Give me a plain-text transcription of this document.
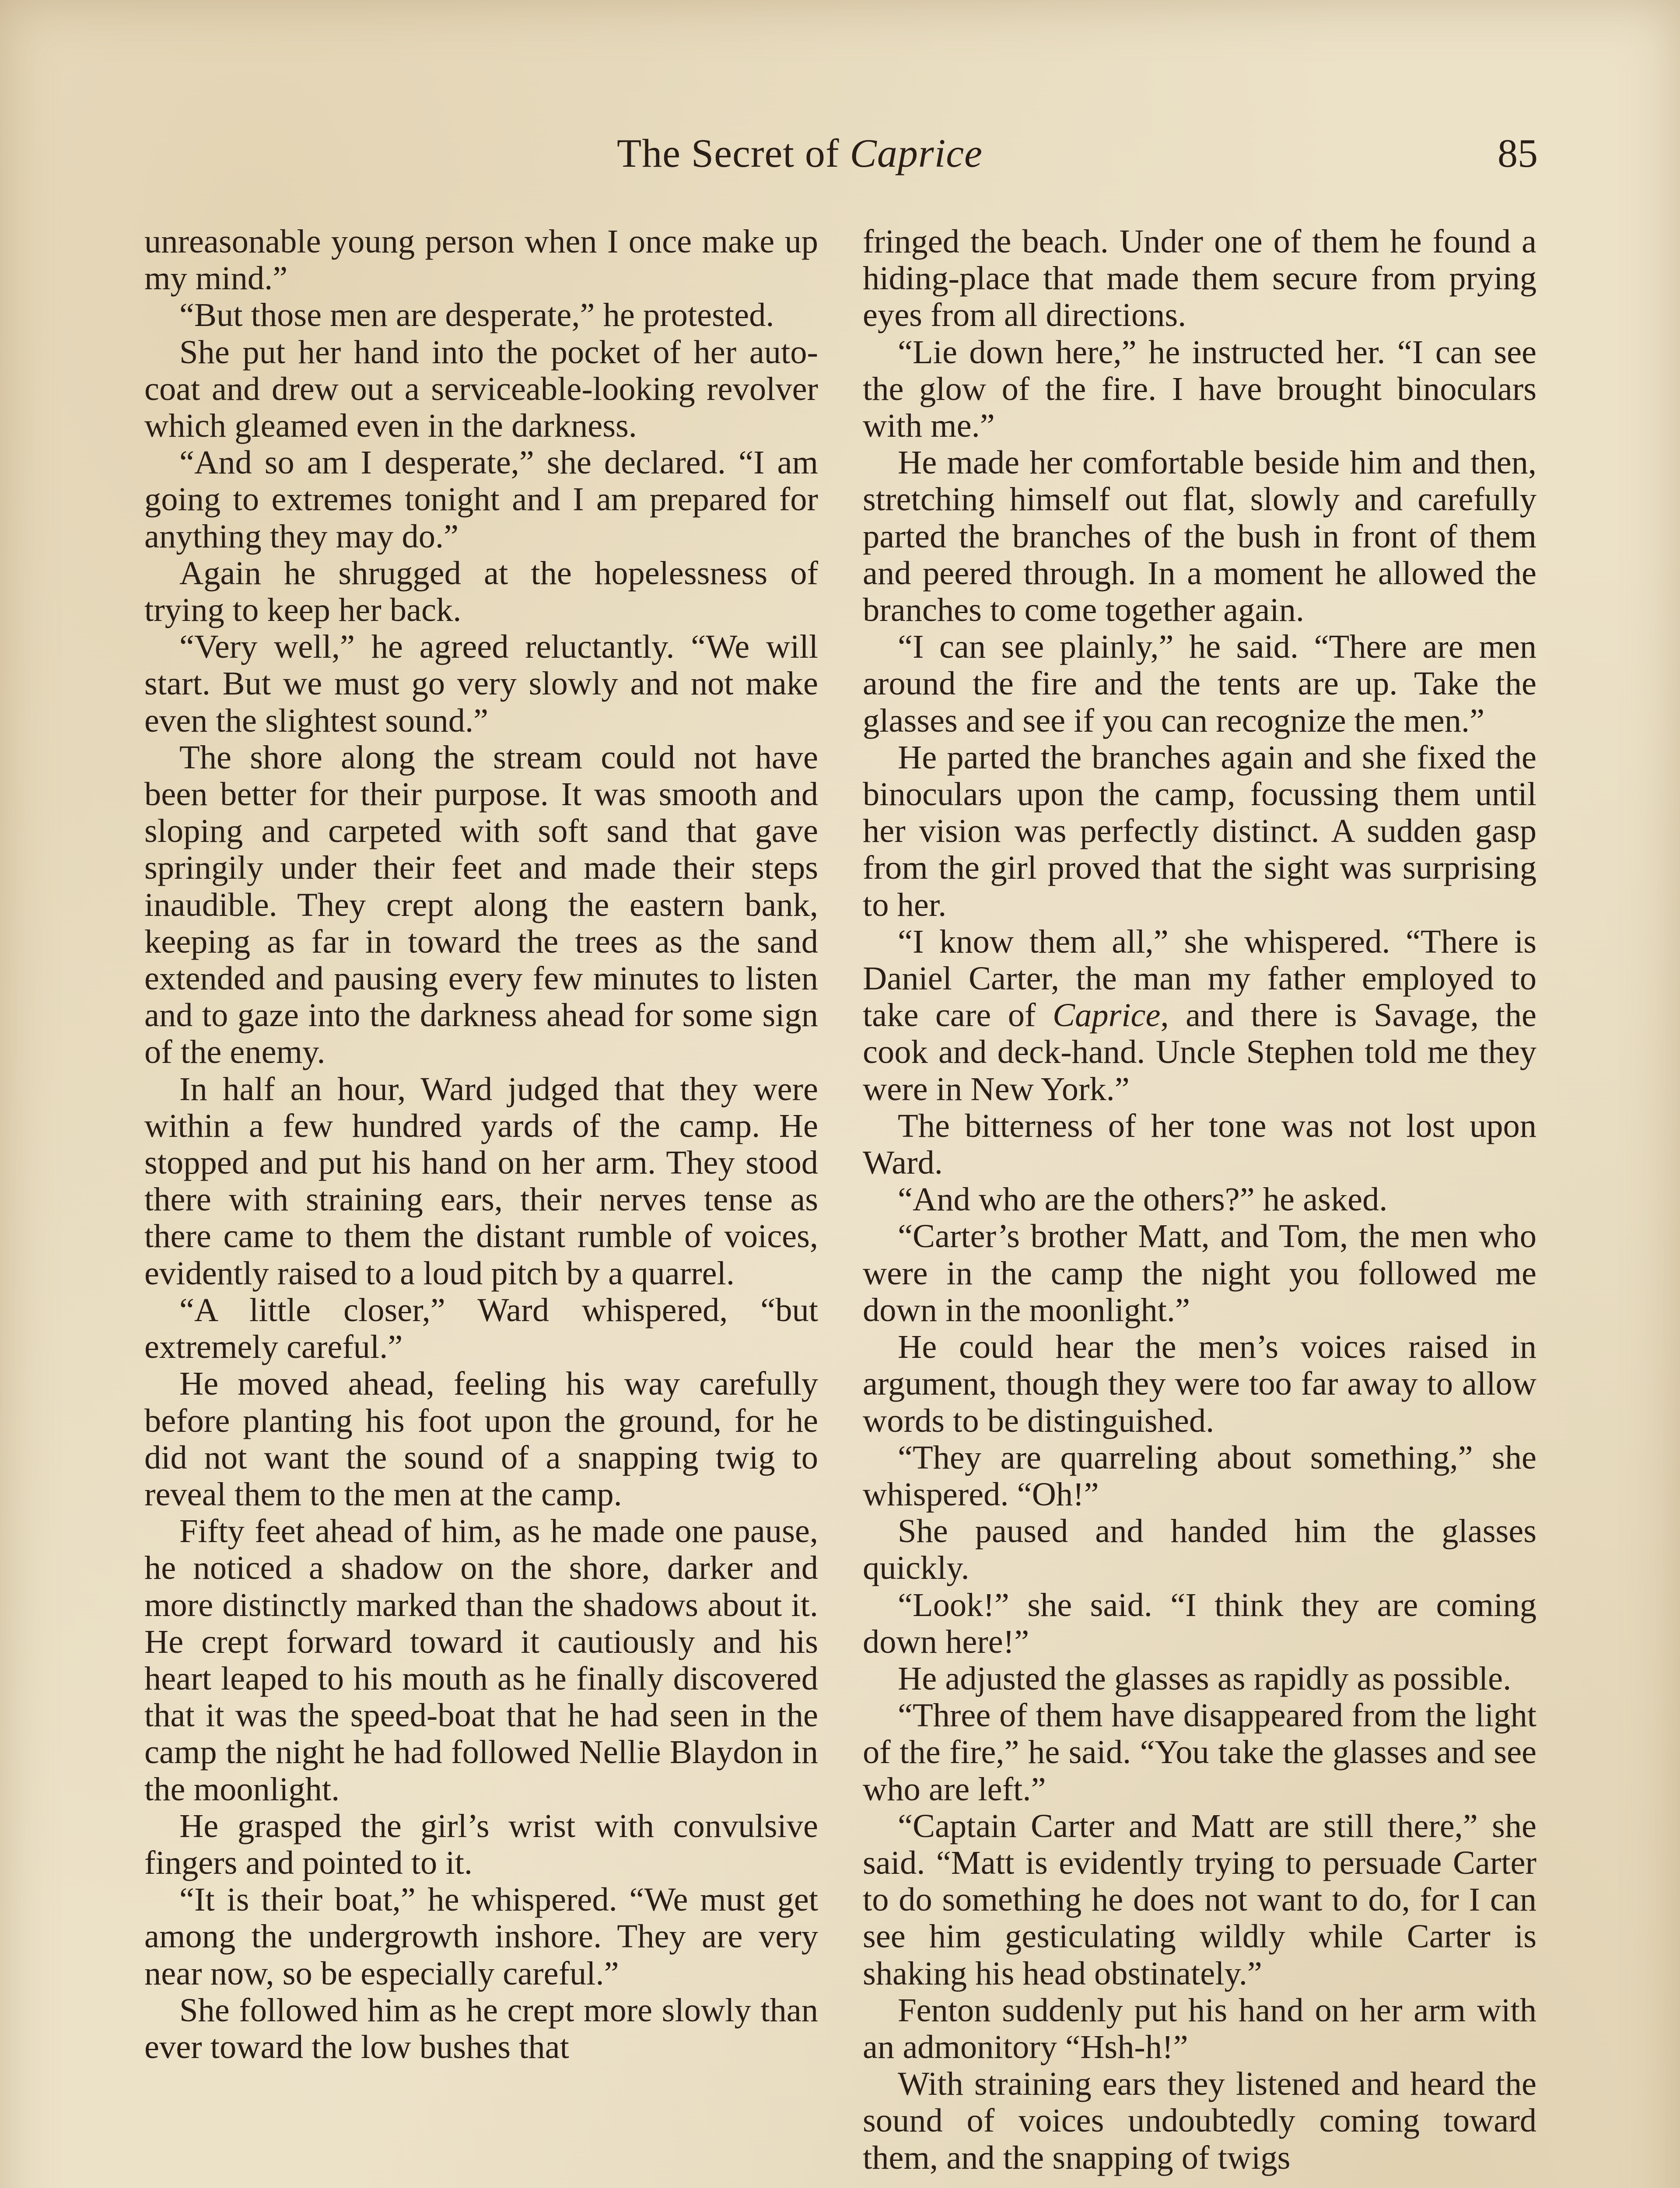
The Secret of Caprice	85

unreasonable young person when I once make up my mind.”

“But those men are desperate,” he protested.

She put her hand into the pocket of her auto-coat and drew out a serviceable-looking revolver which gleamed even in the darkness.

“And so am I desperate,” she declared. “I am going to extremes tonight and I am prepared for anything they may do.”

Again he shrugged at the hopelessness of trying to keep her back.

“Very well,” he agreed reluctantly. “We will start. But we must go very slowly and not make even the slightest sound.”

The shore along the stream could not have been better for their purpose. It was smooth and sloping and carpeted with soft sand that gave springily under their feet and made their steps inaudible. They crept along the eastern bank, keeping as far in toward the trees as the sand extended and pausing every few minutes to listen and to gaze into the darkness ahead for some sign of the enemy.

In half an hour, Ward judged that they were within a few hundred yards of the camp. He stopped and put his hand on her arm. They stood there with straining ears, their nerves tense as there came to them the distant rumble of voices, evidently raised to a loud pitch by a quarrel.

“A little closer,” Ward whispered, “but extremely careful.”

He moved ahead, feeling his way carefully before planting his foot upon the ground, for he did not want the sound of a snapping twig to reveal them to the men at the camp.

Fifty feet ahead of him, as he made one pause, he noticed a shadow on the shore, darker and more distinctly marked than the shadows about it. He crept forward toward it cautiously and his heart leaped to his mouth as he finally discovered that it was the speed-boat that he had seen in the camp the night he had followed Nellie Blaydon in the moonlight.

He grasped the girl’s wrist with convulsive fingers and pointed to it.

“It is their boat,” he whispered. “We must get among the undergrowth inshore. They are very near now, so be especially careful.”

She followed him as he crept more slowly than ever toward the low bushes that

fringed the beach. Under one of them he found a hiding-place that made them secure from prying eyes from all directions.

“Lie down here,” he instructed her. “I can see the glow of the fire. I have brought binoculars with me.”

He made her comfortable beside him and then, stretching himself out flat, slowly and carefully parted the branches of the bush in front of them and peered through. In a moment he allowed the branches to come together again.

“I can see plainly,” he said. “There are men around the fire and the tents are up. Take the glasses and see if you can recognize the men.”

He parted the branches again and she fixed the binoculars upon the camp, focussing them until her vision was perfectly distinct. A sudden gasp from the girl proved that the sight was surprising to her.

“I know them all,” she whispered. “There is Daniel Carter, the man my father employed to take care of Caprice, and there is Savage, the cook and deck-hand. Uncle Stephen told me they were in New York.”

The bitterness of her tone was not lost upon Ward.

“And who are the others?” he asked.

“Carter’s brother Matt, and Tom, the men who were in the camp the night you followed me down in the moonlight.”

He could hear the men’s voices raised in argument, though they were too far away to allow words to be distinguished.

“They are quarreling about something,” she whispered. “Oh!”

She paused and handed him the glasses quickly.

“Look!” she said. “I think they are coming down here!”

He adjusted the glasses as rapidly as possible.

“Three of them have disappeared from the light of the fire,” he said. “You take the glasses and see who are left.”

“Captain Carter and Matt are still there,” she said. “Matt is evidently trying to persuade Carter to do something he does not want to do, for I can see him gesticulating wildly while Carter is shaking his head obstinately.”

Fenton suddenly put his hand on her arm with an admonitory “Hsh-h!”

With straining ears they listened and heard the sound of voices undoubtedly coming toward them, and the snapping of twigs
